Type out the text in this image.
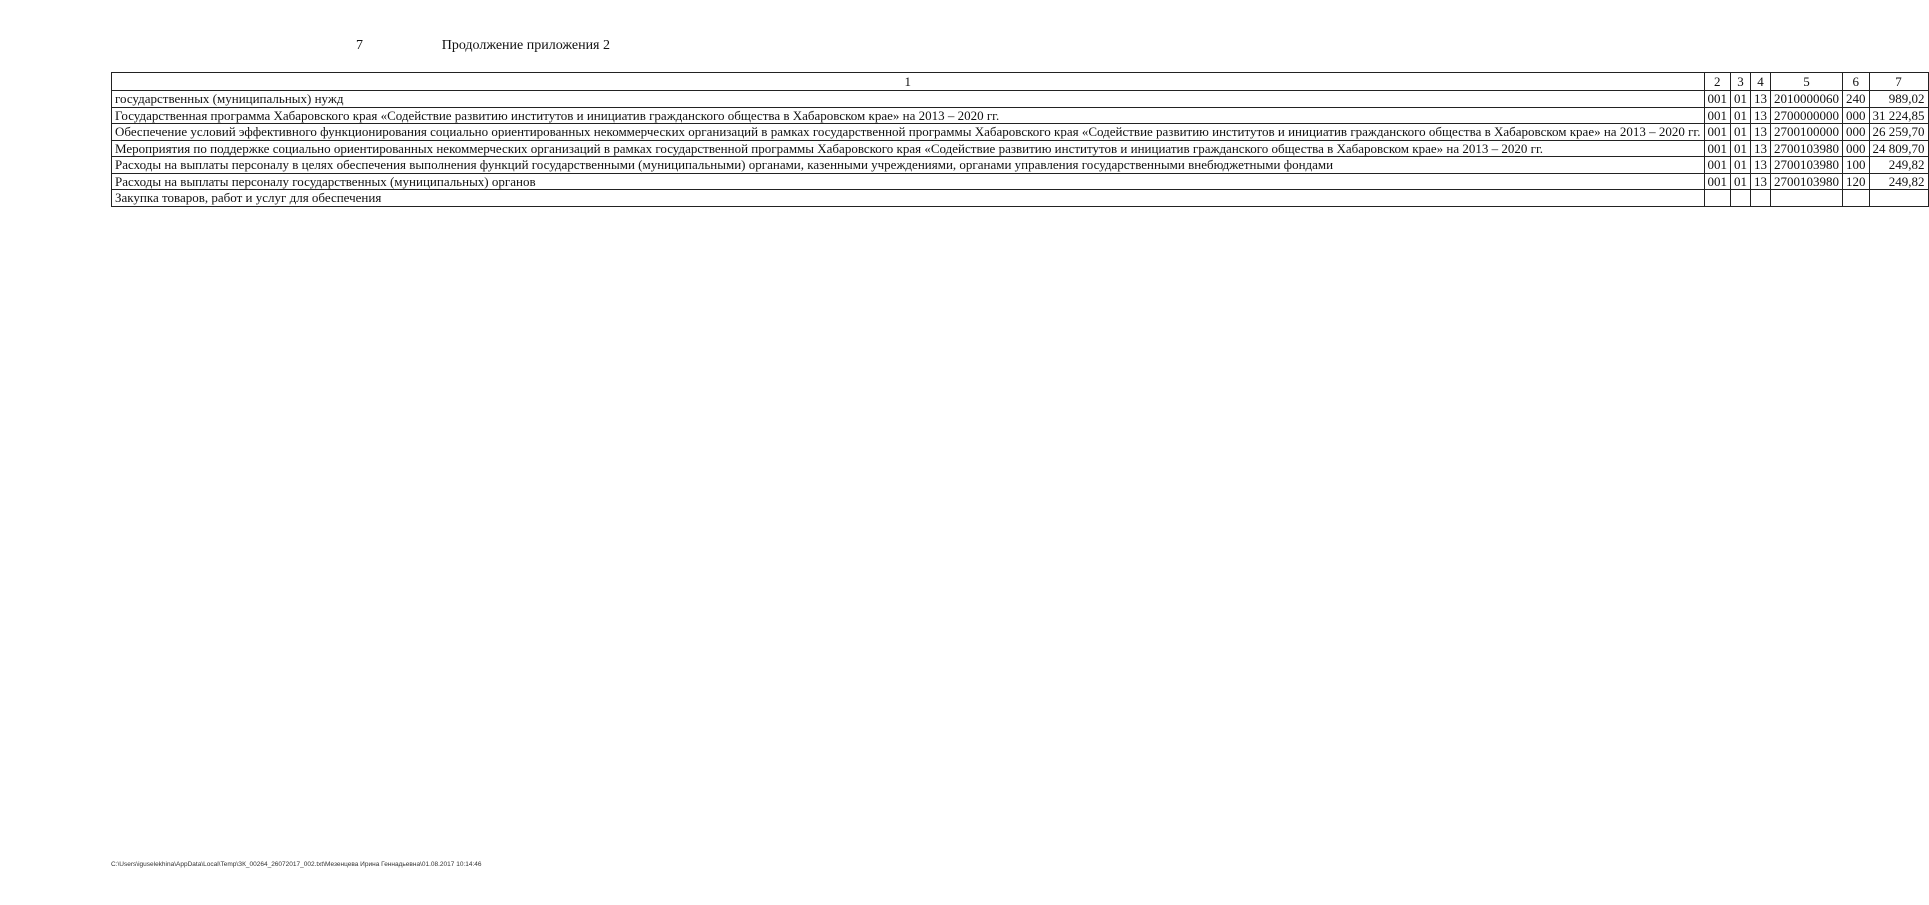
7	Продолжение приложения 2
1	2	3	4	5	6	7
государственных (муниципальных) нужд	001	01	13	2010000060	240	989,02
Государственная программа Хабаровского края «Содействие развитию институтов и инициатив гражданского общества в Хабаровском крае» на 2013 – 2020 гг.	001	01	13	2700000000	000	31 224,85
Обеспечение условий эффективного функционирования социально ориентированных некоммерческих организаций в рамках государственной программы Хабаровского края «Содействие развитию институтов и инициатив гражданского общества в Хабаровском крае» на 2013 – 2020 гг.	001	01	13	2700100000	000	26 259,70
Мероприятия по поддержке социально ориентированных некоммерческих организаций в рамках государственной программы Хабаровского края «Содействие развитию институтов и инициатив гражданского общества в Хабаровском крае» на 2013 – 2020 гг.	001	01	13	2700103980	000	24 809,70
Расходы на выплаты персоналу в целях обеспечения выполнения функций государственными (муниципальными) органами, казенными учреждениями, органами управления государственными внебюджетными фондами	001	01	13	2700103980	100	249,82
Расходы на выплаты персоналу государственных (муниципальных) органов	001	01	13	2700103980	120	249,82
Закупка товаров, работ и услуг для обеспечения						
C:\Users\iguselekhina\AppData\Local\Temp\ЗК_00264_26072017_002.txt\Мезенцева Ирина Геннадьевна\01.08.2017 10:14:46
